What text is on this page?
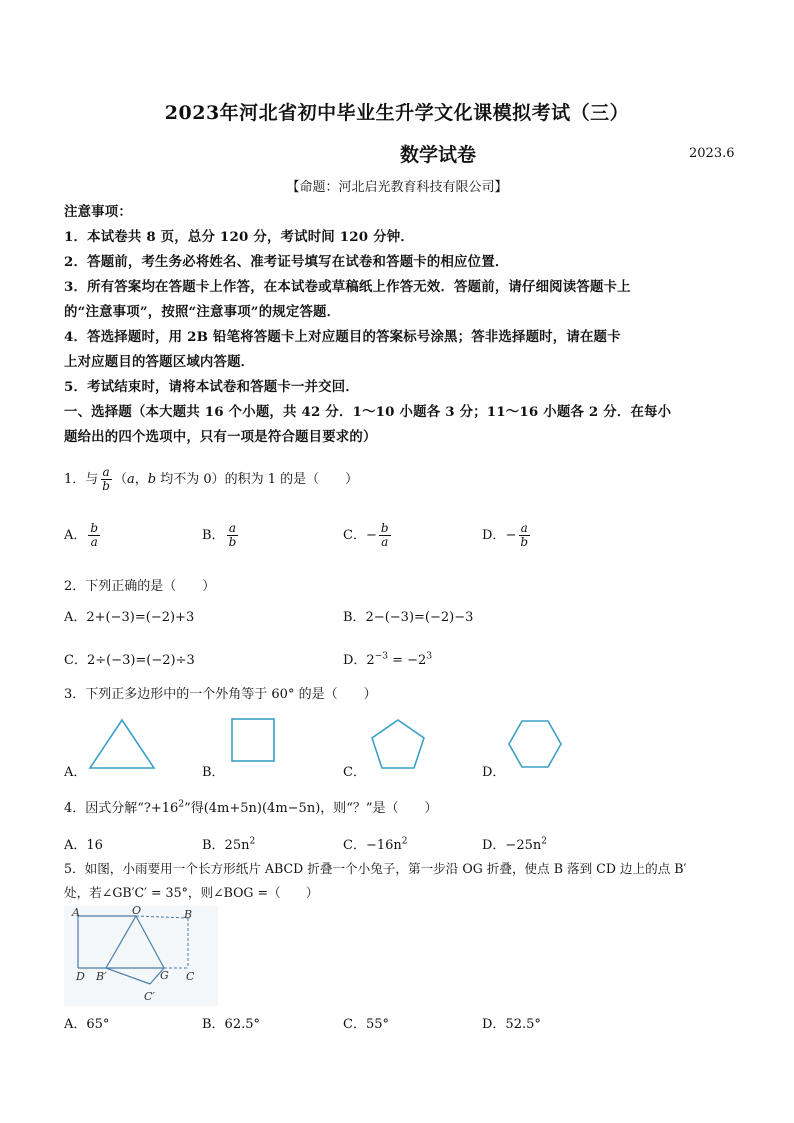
2023年河北省初中毕业生升学文化课模拟考试（三）
数学试卷	2023.6
【命题：河北启光教育科技有限公司】
注意事项：
1．本试卷共 8 页，总分 120 分，考试时间 120 分钟．
2．答题前，考生务必将姓名、准考证号填写在试卷和答题卡的相应位置．
3．所有答案均在答题卡上作答，在本试卷或草稿纸上作答无效．答题前，请仔细阅读答题卡上
的“注意事项”，按照“注意事项”的规定答题．
4．答选择题时，用 2B 铅笔将答题卡上对应题目的答案标号涂黑；答非选择题时，请在题卡
上对应题目的答题区域内答题．
5．考试结束时，请将本试卷和答题卡一并交回．
一、选择题（本大题共 16 个小题，共 42 分．1～10 小题各 3 分；11～16 小题各 2 分．在每小
题给出的四个选项中，只有一项是符合题目要求的）
1．与 $\frac{a}{b} (a$，b 均不为 0）的积为 1 的是（　　）
A． $\frac{b}{a}$	B． $\frac{a}{b}$	C．− $\frac{b}{a}$	D．− $\frac{a}{b}$
2．下列正确的是（　　）
A．2+(−3)=(−2)+3	B．2−(−3)=(−2)−3
C．2÷(−3)=(−2)÷3	D．$2^{-3} = -2^3$
3．下列正多边形中的一个外角等于 60° 的是（　　）
A．	B．	C．	D．
4．因式分解“$?+16^2$”得(4m+5n)(4m−5n)，则“？”是（　　）
A．16	B．$25n^2$	C．$-16n^2$	D．$-25n^2$
5．如图，小雨要用一个长方形纸片 ABCD 折叠一个小兔子，第一步沿 OG 折叠，使点 B 落到 CD 边上的点 B′
处，若∠GB′C′ = 35°，则∠BOG =（　　）
A	O	B
D B′	G C
C′
A．65°	B．62.5°	C．55°	D．52.5°
